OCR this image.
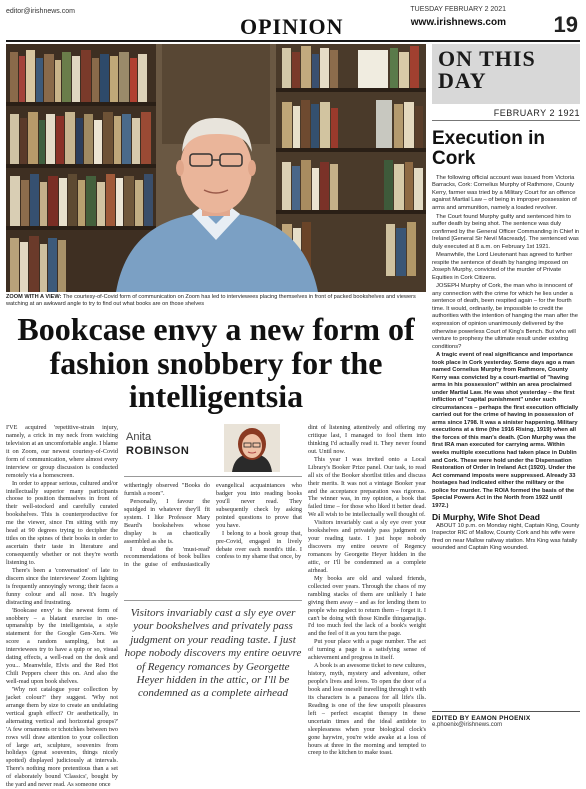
editor@irishnews.com
OPINION
TUESDAY FEBRUARY 2 2021
www.irishnews.com 19
ZOOM WITH A VIEW: The courtesy-of-Covid form of communication on Zoom has led to interviewees placing themselves in front of packed bookshelves and viewers watching at an awkward angle to try to find out what books are on those shelves
Bookcase envy a new form of fashion snobbery for the intelligentsia

I'VE acquired 'repetitive-strain injury, namely, a crick in my neck from watching television at an uncomfortable angle. I blame it on Zoom, our newest courtesy-of-Covid form of communication, where almost every interview or group discussion is conducted remotely via a homescreen.

In order to appear serious, cultured and/or intellectually superior many participants choose to position themselves in front of their well-stocked and carefully curated bookshelves. This is counterproductive for me the viewer, since I'm sitting with my head at 90 degrees trying to decipher the titles on the spines of their books in order to ascertain their taste in literature and consequently whether or not they're worth listening to.

There's been a 'conversation' of late to discern since the interviewee' Zoom lighting is frequently annoyingly wrong; their faces a funny colour and all nose. It's hugely distracting and frustrating.

'Bookcase envy' is the newest form of snobbery – a blatant exercise in one-upmanship by the intelligentsia, a style statement for the Google Gen-Xers. We score a random sampling, but as interviewees try to have a quip or so, visual dating effects, a well-read on the desk and you... Meanwhile, Elvis and the Red Hot Chili Peppers cheer this on. And also the well-read upon book shelves.

'Why not catalogue your collection by jacket colour?' they suggest. 'Why not arrange them by size to create an undulating vertical graph effect? Or aesthetically, in alternating vertical and horizontal groups?' 'A few ornaments or tchotchkes between two rows will draw attention to your collection of large art, sculpture, souvenirs from holidays (great souvenirs, things nicely spotted) displayed judiciously at intervals. There's nothing more pretentious than a set of elaborately bound 'Classics', bought by the yard and never read. As someone once

Anita
ROBINSON

witheringly observed "Books do furnish a room".

Personally, I favour the squidged in whatever they'll fit system. I like Professor Mary Beard's bookshelves whose display is as chaotically assembled as she is.

I dread the 'must-read' recommendations of book bullies in the guise of enthusiastically evangelical acquaintances who badger you into reading books you'll never read. They subsequently check by asking pointed questions to prove that you have.

I belong to a book group that, pre-Covid, engaged in lively debate over each month's title. I confess to my shame that once, by

Visitors invariably cast a sly eye over your bookshelves and privately pass judgment on your reading taste. I just hope nobody discovers my entire oeuvre of Regency romances by Georgette Heyer hidden in the attic, or I'll be condemned as a complete airhead

dint of listening attentively and offering my critique last, I managed to fool them into thinking I'd actually read it. They never found out. Until now.

This year I was invited onto a Local Library's Booker Prize panel. Our task, to read all six of the Booker shortlist titles and discuss their merits. It was not a vintage Booker year and the acceptance preparation was rigorous. The winner was, in my opinion, a book that failed time – for those who liked it better dead. We all wish to be intellectually well thought of.

Visitors invariably cast a sly eye over your bookshelves and privately pass judgment on your reading taste. I just hope nobody discovers my entire oeuvre of Regency romances by Georgette Heyer hidden in the attic, or I'll be condemned as a complete airhead.

My books are old and valued friends, collected over years. Through the chaos of my rambling stacks of them are unlikely I hate giving them away – and as for lending them to people who neglect to return them – forget it. I can't be doing with those Kindle thingamajigs. I'd too much feel the lack of a book's weight and the feel of it as you turn the page.

Put your place with a page number. The act of turning a page is a satisfying sense of achievement and progress in itself.

A book is an awesome ticket to new cultures, history, myth, mystery and adventure, other people's lives and loves. To open the door of a book and lose oneself travelling through it with its characters is a panacea for all life's ills. Reading is one of the few unspoilt pleasures left – perfect escapist therapy in these uncertain times and the ideal antidote to sleeplessness when your biological clock's gone haywire, you're wide awake at a loss of hours at three in the morning and tempted to creep to the kitchen to make toast.

ON THIS DAY
FEBRUARY 2 1921
Execution in Cork

The following official account was issued from Victoria Barracks, Cork: Cornelius Murphy of Rathmore, County Kerry, farmer was tried by a Military Court for an offence against Martial Law – of being in improper possession of arms and ammunition, namely a loaded revolver.

The Court found Murphy guilty and sentenced him to suffer death by being shot. The sentence was duly confirmed by the General Officer Commanding in Chief in Ireland [General Sir Nevil Macready]. The sentenced was duly executed at 8 a.m. on February 1st 1921.

Meanwhile, the Lord Lieutenant has agreed to further respite the sentence of death by hanging imposed on Joseph Murphy, convicted of the murder of Private Equities in Cork Citizens.

JOSEPH Murphy of Cork, the man who is innocent of any connection with the crime for which he lies under a sentence of death, been respited again – for the fourth time. It would, ordinarily, be impossible to credit the authorities with the intention of hanging the man after the expression of opinion unanimously delivered by the otherwise powerless Court of King's Bench. But who will venture to prophesy the ultimate result under existing conditions?

A tragic event of real significance and importance took place in Cork yesterday. Some days ago a man named Cornelius Murphy from Rathmore, County Kerry was convicted by a court-martial of "having arms in his possession" within an area proclaimed under Martial Law. He was shot yesterday – the first infliction of "capital punishment" under such circumstances – perhaps the first execution officially carried out for the crime of having in possession of arms since 1798. It was a sinister happening. Military executions at a time (the 1916 Rising, 1919) when all the forces of this man's death. (Con Murphy was the first IRA man executed for carrying arms. Within weeks multiple executions had taken place in Dublin and Cork. These were hold under the Dispensation Restoration of Order in Ireland Act (1920). Under the Act command imposts were suppressed. Already 33 hostages had indicated either the military or the police for murder. The ROIA formed the basis of the Special Powers Act in the North from 1922 until 1972.)

Di Murphy, Wife Shot Dead

ABOUT 10 p.m. on Monday night, Captain King, County Inspector RIC of Mallow, County Cork and his wife were fired on near Mallow railway station. Mrs King was fatally wounded and Captain King wounded.

EDITED BY EAMON PHOENIX
e.phoenix@irishnews.com
